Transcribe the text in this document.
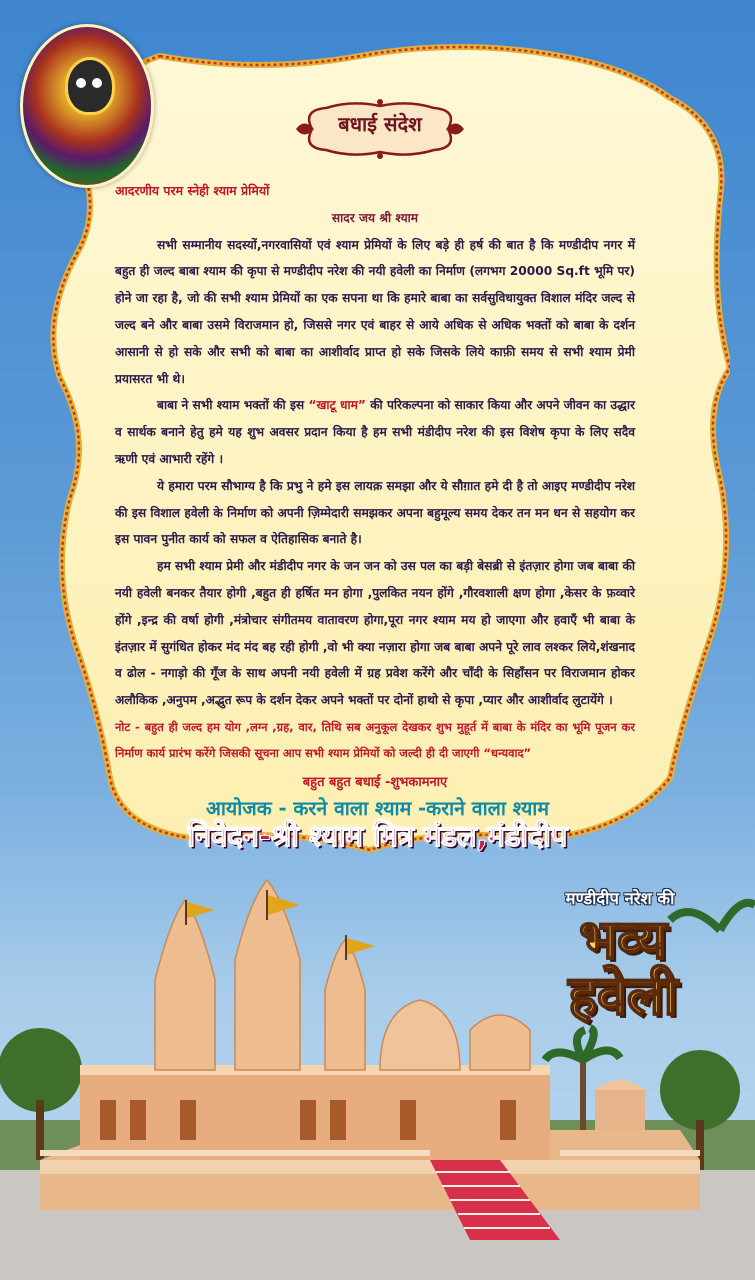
बधाई संदेश

आदरणीय परम स्नेही श्याम प्रेमियों

सादर जय श्री श्याम

सभी सम्मानीय सदस्यों,नगरवासियों एवं श्याम प्रेमियों के लिए बड़े ही हर्ष की बात है कि मण्डीदीप नगर में बहुत ही जल्द बाबा श्याम की कृपा से मण्डीदीप नरेश की नयी हवेली का निर्माण (लगभग 20000 Sq.ft भूमि पर) होने जा रहा है, जो की सभी श्याम प्रेमियों का एक सपना था कि हमारे बाबा का सर्वसुविधायुक्त विशाल मंदिर जल्द से जल्द बने और बाबा उसमे विराजमान हो, जिससे नगर एवं बाहर से आये अधिक से अधिक भक्तों को बाबा के दर्शन आसानी से हो सके और सभी को बाबा का आशीर्वाद प्राप्त हो सके जिसके लिये काफ़ी समय से सभी श्याम प्रेमी प्रयासरत भी थे।

बाबा ने सभी श्याम भक्तों की इस “खाटू धाम” की परिकल्पना को साकार किया और अपने जीवन का उद्धार व सार्थक बनाने हेतु हमे यह शुभ अवसर प्रदान किया है हम सभी मंडीदीप नरेश की इस विशेष कृपा के लिए सदैव ऋणी एवं आभारी रहेंगे ।

ये हमारा परम सौभाग्य है कि प्रभु ने हमे इस लायक़ समझा और ये सौग़ात हमे दी है तो आइए मण्डीदीप नरेश की इस विशाल हवेली के निर्माण को अपनी ज़िम्मेदारी समझकर अपना बहुमूल्य समय देकर तन मन धन से सहयोग कर इस पावन पुनीत कार्य को सफल व ऐतिहासिक बनाते है।

हम सभी श्याम प्रेमी और मंडीदीप नगर के जन जन को उस पल का बड़ी बेसब्री से इंतज़ार होगा जब बाबा की नयी हवेली बनकर तैयार होगी ,बहुत ही हर्षित मन होगा ,पुलकित नयन होंगे ,गौरवशाली क्षण होगा ,केसर के फ़व्वारे होंगे ,इन्द्र की वर्षा होगी ,मंत्रोचार संगीतमय वातावरण होगा,पूरा नगर श्याम मय हो जाएगा और हवाएँ भी बाबा के इंतज़ार में सुगंधित होकर मंद मंद बह रही होगी ,वो भी क्या नज़ारा होगा जब बाबा अपने पूरे लाव लश्कर लिये,शंखनाद व ढोल - नगाड़ो की गूँज के साथ अपनी नयी हवेली में ग्रह प्रवेश करेंगे और चाँदी के सिहाँसन पर विराजमान होकर अलौकिक ,अनुपम ,अद्भुत रूप के दर्शन देकर अपने भक्तों पर दोनों हाथो से कृपा ,प्यार और आशीर्वाद लुटायेंगे ।

नोट - बहुत ही जल्द हम योग ,लग्न ,ग्रह, वार, तिथि सब अनुकूल देखकर शुभ मुहूर्त में बाबा के मंदिर का भूमि पूजन कर निर्माण कार्य प्रारंभ करेंगे जिसकी सूचना आप सभी श्याम प्रेमियों को जल्दी ही दी जाएगी “धन्यवाद”

बहुत बहुत बधाई -शुभकामनाए

आयोजक - करने वाला श्याम -कराने वाला श्याम
निवेदन-श्री श्याम मित्र मंडल,मंडीदीप
मण्डीदीप नरेश की
भव्य
हवेली
